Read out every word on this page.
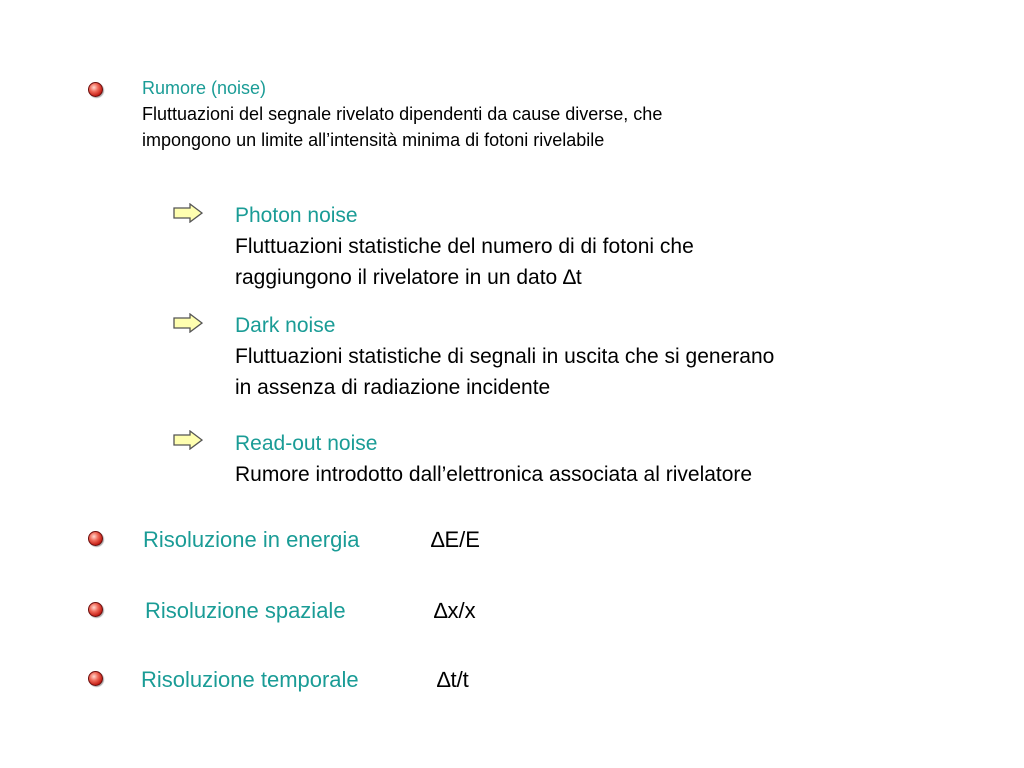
Rumore (noise)
Fluttuazioni del segnale rivelato dipendenti da cause diverse, che
impongono un limite all’intensità minima di fotoni rivelabile
Photon noise
Fluttuazioni statistiche del numero di di fotoni che
raggiungono il rivelatore in un dato ∆t
Dark noise
Fluttuazioni statistiche di segnali in uscita che si generano
in assenza di radiazione incidente
Read-out noise
Rumore introdotto dall’elettronica associata al rivelatore
Risoluzione in energia	∆E/E
Risoluzione spaziale	∆x/x
Risoluzione temporale	∆t/t
